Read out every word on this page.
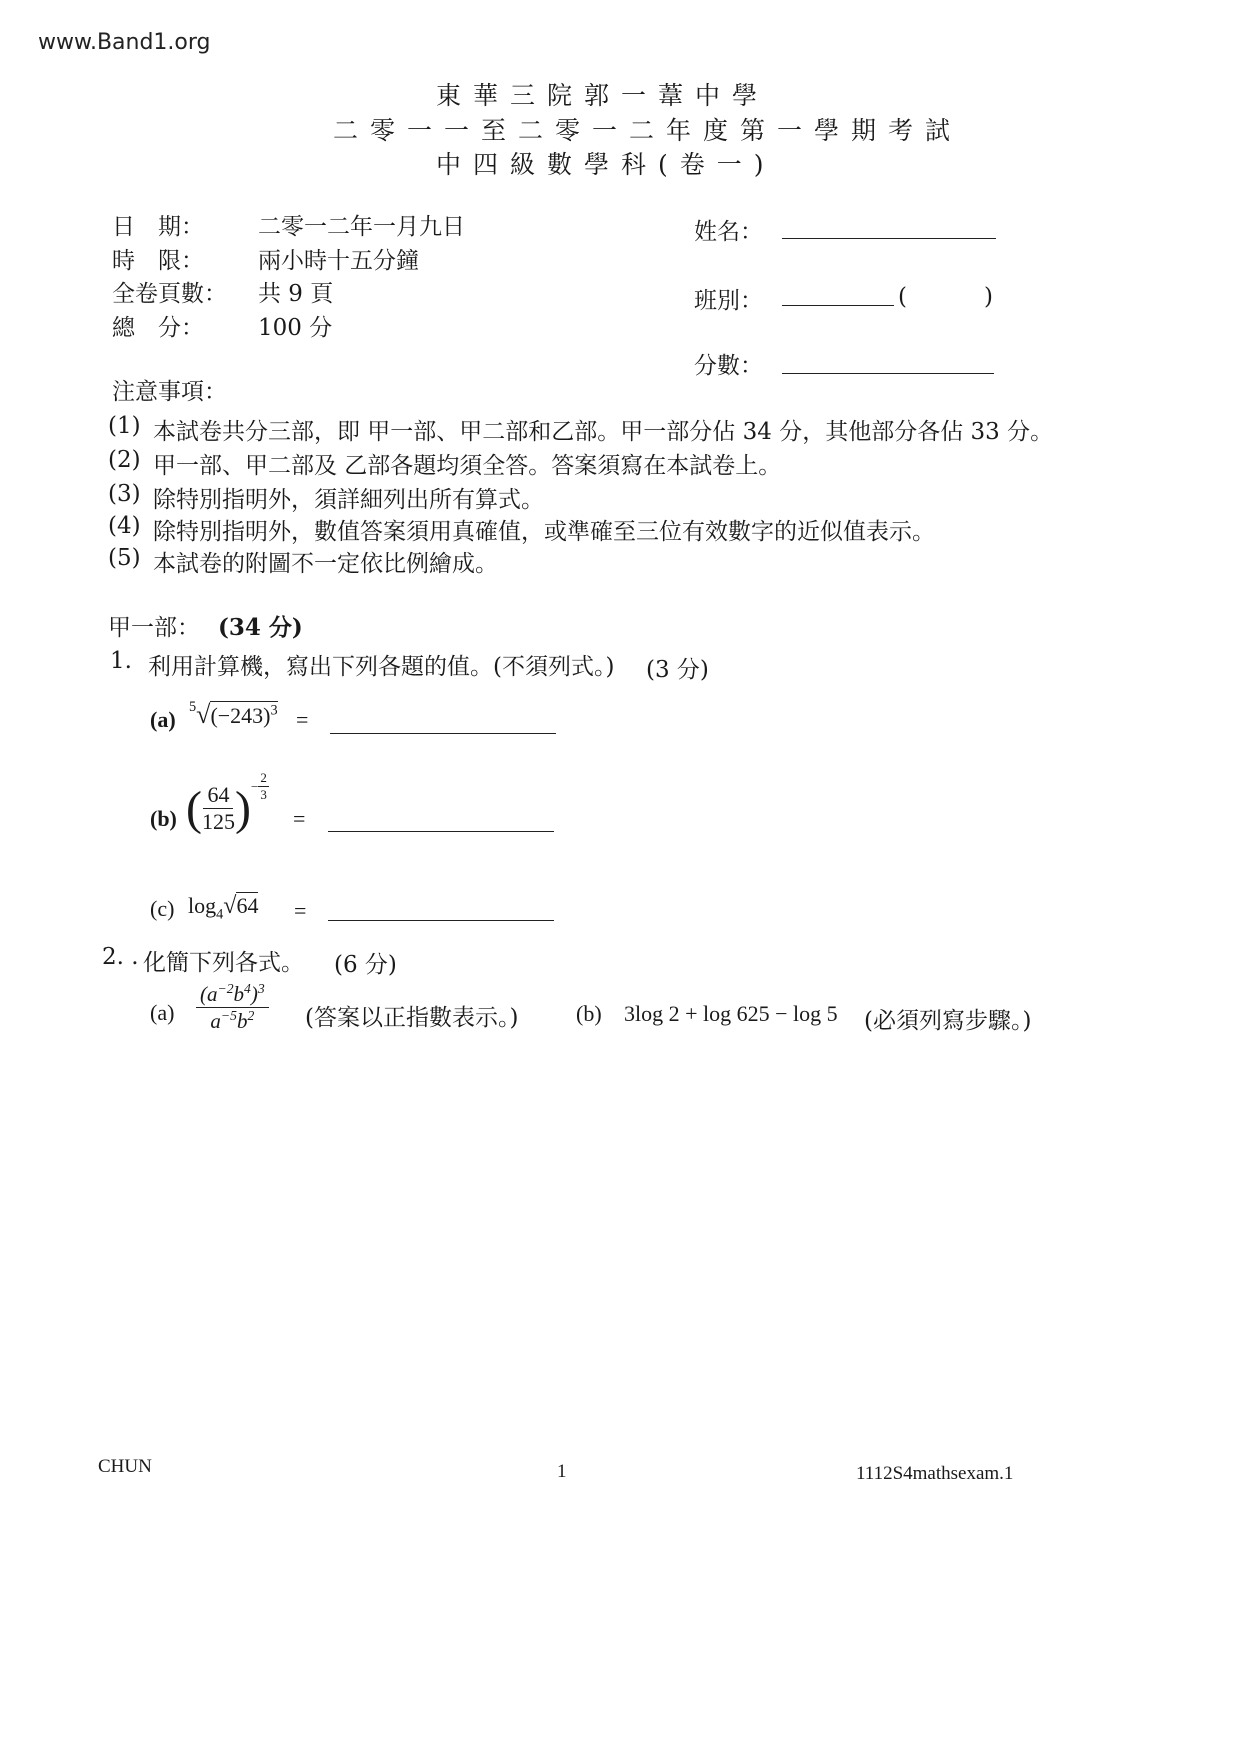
www.Band1.org
東華三院郭一葦中學
二零一一至二零一二年度第一學期考試
中四級數學科(卷一)
日　期： 二零一二年一月九日
時　限： 兩小時十五分鐘
全卷頁數： 共 9 頁
總　分： 100 分
姓名：
班別：	(	)
分數：
注意事項：
(1) 本試卷共分三部，即 甲一部、甲二部和乙部。甲一部分佔 34 分，其他部分各佔 33 分。
(2) 甲一部、甲二部及 乙部各題均須全答。答案須寫在本試卷上。
(3) 除特別指明外，須詳細列出所有算式。
(4) 除特別指明外，數值答案須用真確值，或準確至三位有效數字的近似值表示。
(5) 本試卷的附圖不一定依比例繪成。
甲一部： (34 分)
1. 利用計算機，寫出下列各題的值。(不須列式。) (3 分)
(a)
$^5√(-243)^3$ =
(b) ( $\frac{64}{125}$ ) − $\frac{2}{3}$
=
(c) $\log_4√64$ =
2. . 化簡下列各式。 (6 分)
$(a) \frac{(a^{-2}b^4)^3}{a^{-5}b^2}$ (答案以正指數表示。)	(b) 3log 2 + log 625 − log 5 (必須列寫步驟。)
CHUN	1	1112S4mathsexam.1
